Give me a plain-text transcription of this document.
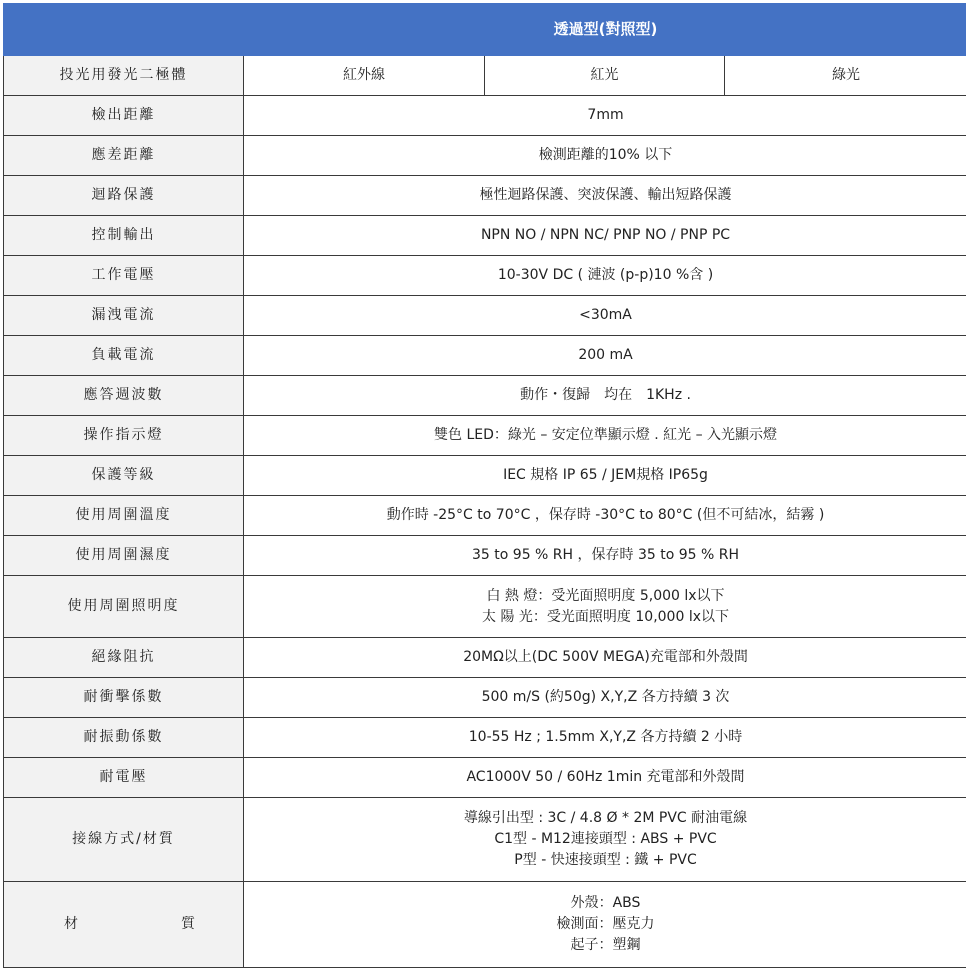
	透過型(對照型)		
投光用發光二極體	紅外線	紅光	綠光
檢出距離	7mm		
應差距離	檢測距離的10% 以下		
迴路保護	極性迴路保護、突波保護、輸出短路保護		
控制輸出	NPN NO / NPN NC/ PNP NO / PNP PC		
工作電壓	10-30V DC ( 漣波 (p-p)10 %含 )		
漏洩電流	<30mA		
負載電流	200 mA		
應答週波數	動作・復歸　均在　1KHz .		
操作指示燈	雙色 LED：綠光 – 安定位準顯示燈 . 紅光 – 入光顯示燈		
保護等級	IEC 規格 IP 65 / JEM規格 IP65g		
使用周圍溫度	動作時 -25°C to 70°C ，保存時 -30°C to 80°C (但不可結冰，結霧 )		
使用周圍濕度	35 to 95 % RH ，保存時 35 to 95 % RH		
使用周圍照明度	白 熱 燈：受光面照明度 5,000 lx以下
太 陽 光：受光面照明度 10,000 lx以下		

絕緣阻抗	20MΩ以上(DC 500V MEGA)充電部和外殼間		
耐衝擊係數	500 m/S (約50g) X,Y,Z 各方持續 3 次		
耐振動係數	10-55 Hz ; 1.5mm X,Y,Z 各方持續 2 小時		
耐電壓	AC1000V 50 / 60Hz 1min 充電部和外殼間		
接線方式/材質	導線引出型 : 3C / 4.8 Ø * 2M PVC 耐油電線
C1型 - M12連接頭型 : ABS + PVC
P型 - 快速接頭型 : 鐵 + PVC		

材 質	外殼：ABS
檢測面：壓克力
起子：塑鋼		
